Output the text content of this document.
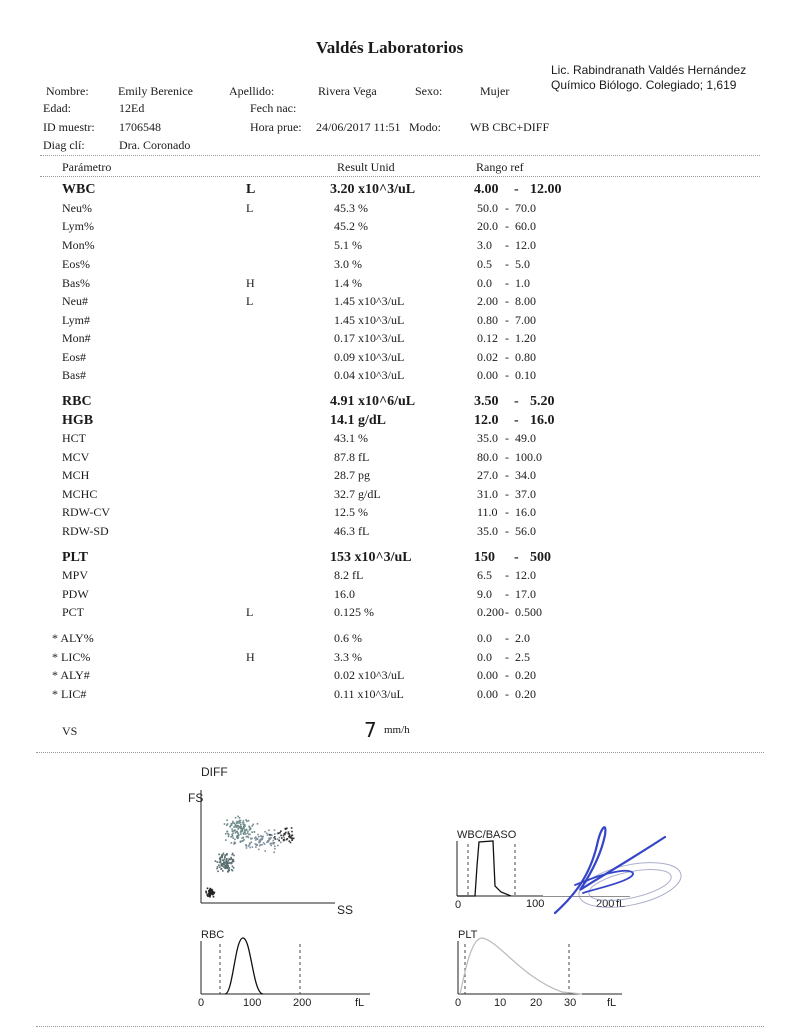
Valdés Laboratorios
Lic. Rabindranath Valdés Hernández
Químico Biólogo. Colegiado; 1,619
Nombre: Emily Berenice	Apellido:	Rivera Vega	Sexo:	Mujer
Edad:	12Ed	Fech nac:
ID muestr: 1706548	Hora prue: 24/06/2017 11:51 Modo: WB CBC+DIFF
Diag clí:	Dra. Coronado
Parámetro	Result Unid	Rango ref
WBC	L	3.20 x10^3/uL	4.00 - 12.00
Neu%	L	45.3 %	50.0 - 70.0
Lym%	45.2 %	20.0 - 60.0
Mon%	5.1 %	3.0 - 12.0
Eos%	3.0 %	0.5 - 5.0
Bas%	H	1.4 %	0.0 - 1.0
Neu#	L	1.45 x10^3/uL	2.00 - 8.00
Lym#	1.45 x10^3/uL	0.80 - 7.00
Mon#	0.17 x10^3/uL	0.12 - 1.20
Eos#	0.09 x10^3/uL	0.02 - 0.80
Bas#	0.04 x10^3/uL	0.00 - 0.10
RBC	4.91 x10^6/uL	3.50 - 5.20
HGB	14.1 g/dL	12.0 - 16.0
HCT	43.1 %	35.0 - 49.0
MCV	87.8 fL	80.0 - 100.0
MCH	28.7 pg	27.0 - 34.0
MCHC	32.7 g/dL	31.0 - 37.0
RDW-CV	12.5 %	11.0 - 16.0
RDW-SD	46.3 fL	35.0 - 56.0
PLT	153 x10^3/uL	150 - 500
MPV	8.2 fL	6.5 - 12.0
PDW	16.0	9.0 - 17.0
PCT	L	0.125 %	0.200 - 0.500
* ALY%	0.6 %	0.0 - 2.0
* LIC%	H	3.3 %	0.0 - 2.5
* ALY#	0.02 x10^3/uL	0.00 - 0.20
* LIC#	0.11 x10^3/uL	0.00 - 0.20
VS	7 mm/h
DIFF
FS
SS
WBC/BASO
0	100	200 fL
RBC
0	100	200	fL
PLT
0	10 20 30	fL
